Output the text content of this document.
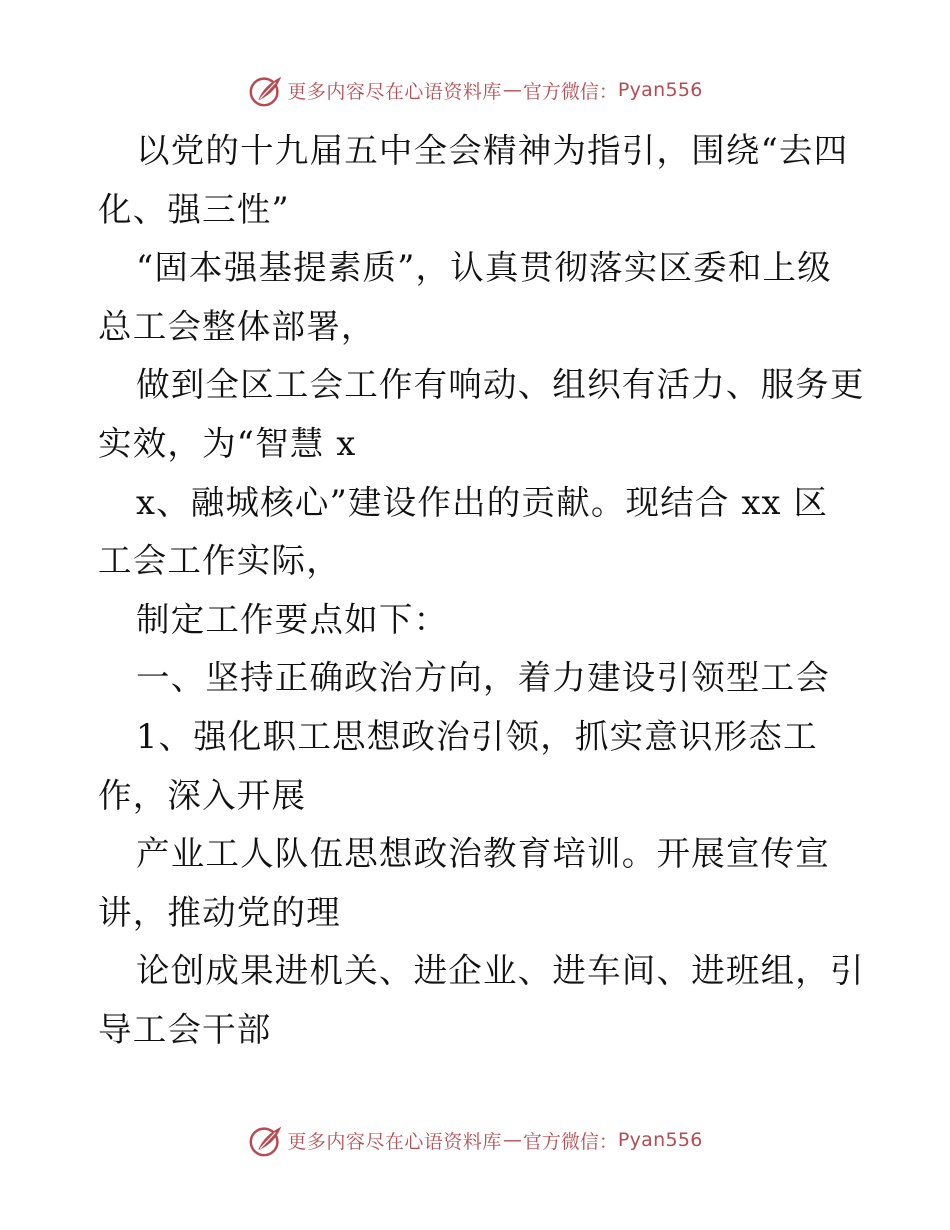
更多内容尽在心语资料库 — 官方微信： Pyan556
以党的十九届五中全会精神为指引，围绕“去四
化、强三性”
“固本强基提素质”，认真贯彻落实区委和上级
总工会整体部署，
做到全区工会工作有响动、组织有活力、服务更
实效，为“智慧 x
x、融城核心”建设作出的贡献。现结合 xx 区
工会工作实际，
制定工作要点如下：
一、坚持正确政治方向，着力建设引领型工会
1、强化职工思想政治引领，抓实意识形态工
作，深入开展
产业工人队伍思想政治教育培训。开展宣传宣
讲，推动党的理
论创成果进机关、进企业、进车间、进班组，引
导工会干部
更多内容尽在心语资料库 — 官方微信： Pyan556
